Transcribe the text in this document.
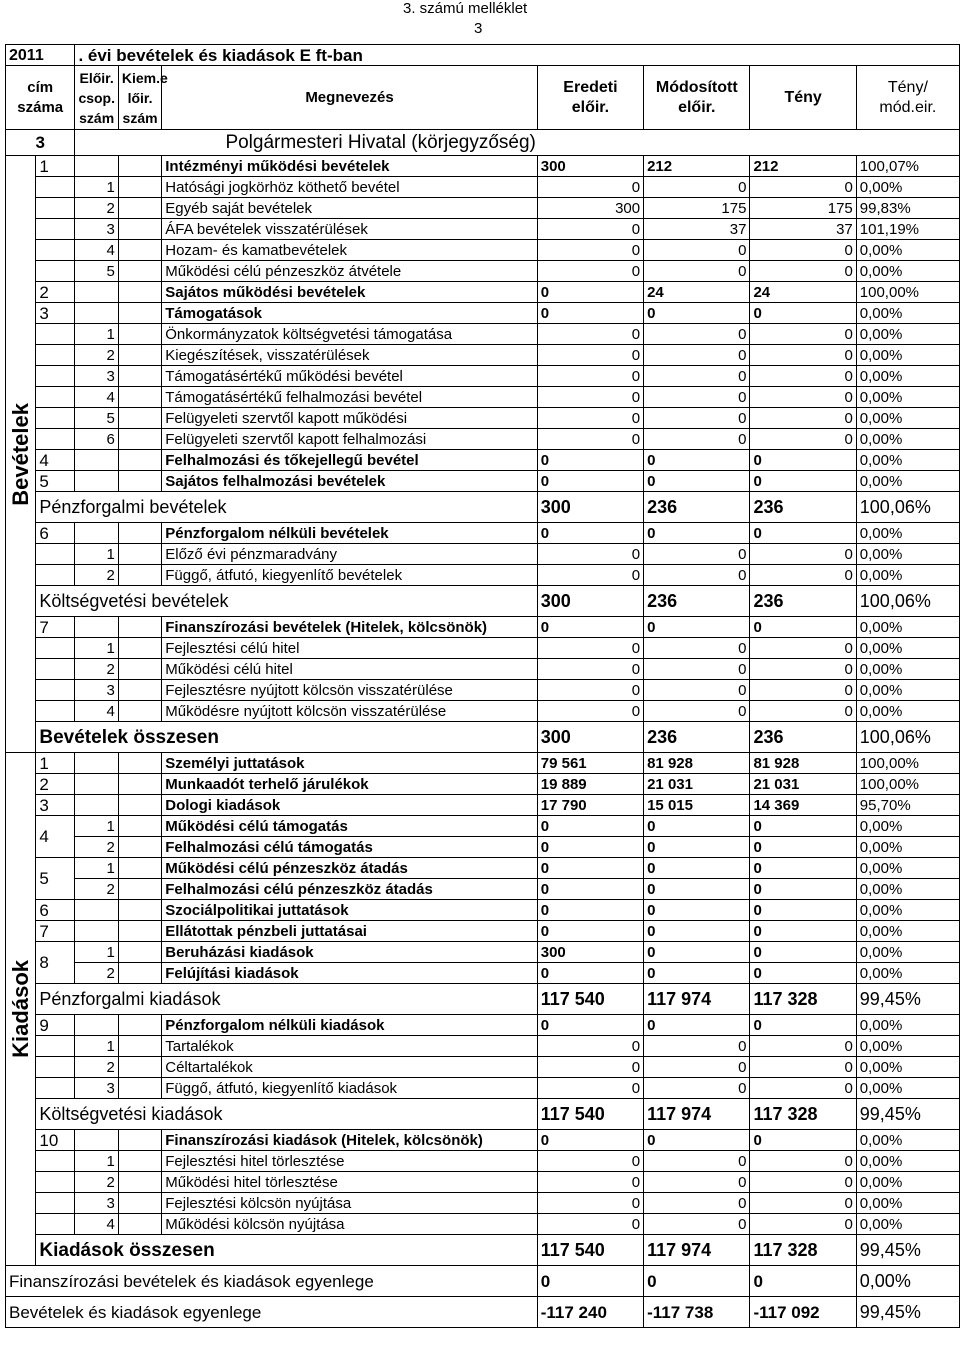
3. számú melléklet
3
2011		. évi bevételek és kiadások E ft-ban						
cím
száma		Előir.
csop.
szám	Kiem.e
lőir.
szám	Megnevezés	Eredeti
előir.	Módosított
előir.	Tény	Tény/
mód.eir.
3		Polgármesteri Hivatal (körjegyzőség)						

Bevételek	1			Intézményi működési bevételek	300	212	212	100,07%
		1		Hatósági jogkörhöz köthető bevétel	0	0	0	0,00%
		2		Egyéb saját bevételek	300	175	175	99,83%
		3		ÁFA bevételek visszatérülések	0	37	37	101,19%
		4		Hozam- és kamatbevételek	0	0	0	0,00%
		5		Működési célú pénzeszköz átvétele	0	0	0	0,00%
	2			Sajátos működési bevételek	0	24	24	100,00%
	3			Támogatások	0	0	0	0,00%
		1		Önkormányzatok költségvetési támogatása	0	0	0	0,00%
		2		Kiegészítések, visszatérülések	0	0	0	0,00%
		3		Támogatásértékű működési bevétel	0	0	0	0,00%
		4		Támogatásértékű felhalmozási bevétel	0	0	0	0,00%
		5		Felügyeleti szervtől kapott működési	0	0	0	0,00%
		6		Felügyeleti szervtől kapott felhalmozási	0	0	0	0,00%
	4			Felhalmozási és tőkejellegű bevétel	0	0	0	0,00%
	5			Sajátos felhalmozási bevételek	0	0	0	0,00%
	Pénzforgalmi bevételek				300	236	236	100,06%
	6			Pénzforgalom nélküli bevételek	0	0	0	0,00%
		1		Előző évi pénzmaradvány	0	0	0	0,00%
		2		Függő, átfutó, kiegyenlítő bevételek	0	0	0	0,00%
	Költségvetési bevételek				300	236	236	100,06%
	7			Finanszírozási bevételek (Hitelek, kölcsönök)	0	0	0	0,00%
		1		Fejlesztési célú hitel	0	0	0	0,00%
		2		Működési célú hitel	0	0	0	0,00%
		3		Fejlesztésre nyújtott kölcsön visszatérülése	0	0	0	0,00%
		4		Működésre nyújtott kölcsön visszatérülése	0	0	0	0,00%
	Bevételek összesen				300	236	236	100,06%

Kiadások	1			Személyi juttatások	79 561	81 928	81 928	100,00%
	2			Munkaadót terhelő járulékok	19 889	21 031	21 031	100,00%
	3			Dologi kiadások	17 790	15 015	14 369	95,70%
	4	1		Működési célú támogatás	0	0	0	0,00%
		2		Felhalmozási célú támogatás	0	0	0	0,00%
	5	1		Működési célú pénzeszköz átadás	0	0	0	0,00%
		2		Felhalmozási célú pénzeszköz átadás	0	0	0	0,00%
	6			Szociálpolitikai juttatások	0	0	0	0,00%
	7			Ellátottak pénzbeli juttatásai	0	0	0	0,00%
	8	1		Beruházási kiadások	300	0	0	0,00%
		2		Felújítási kiadások	0	0	0	0,00%
	Pénzforgalmi kiadások				117 540	117 974	117 328	99,45%
	9			Pénzforgalom nélküli kiadások	0	0	0	0,00%
		1		Tartalékok	0	0	0	0,00%
		2		Céltartalékok	0	0	0	0,00%
		3		Függő, átfutó, kiegyenlítő kiadások	0	0	0	0,00%
	Költségvetési kiadások				117 540	117 974	117 328	99,45%
	10			Finanszírozási kiadások (Hitelek, kölcsönök)	0	0	0	0,00%
		1		Fejlesztési hitel törlesztése	0	0	0	0,00%
		2		Működési hitel törlesztése	0	0	0	0,00%
		3		Fejlesztési kölcsön nyújtása	0	0	0	0,00%
		4		Működési kölcsön nyújtása	0	0	0	0,00%
	Kiadások összesen				117 540	117 974	117 328	99,45%
Finanszírozási bevételek és kiadások egyenlege					0	0	0	0,00%
Bevételek és kiadások egyenlege					-117 240	-117 738	-117 092	99,45%
